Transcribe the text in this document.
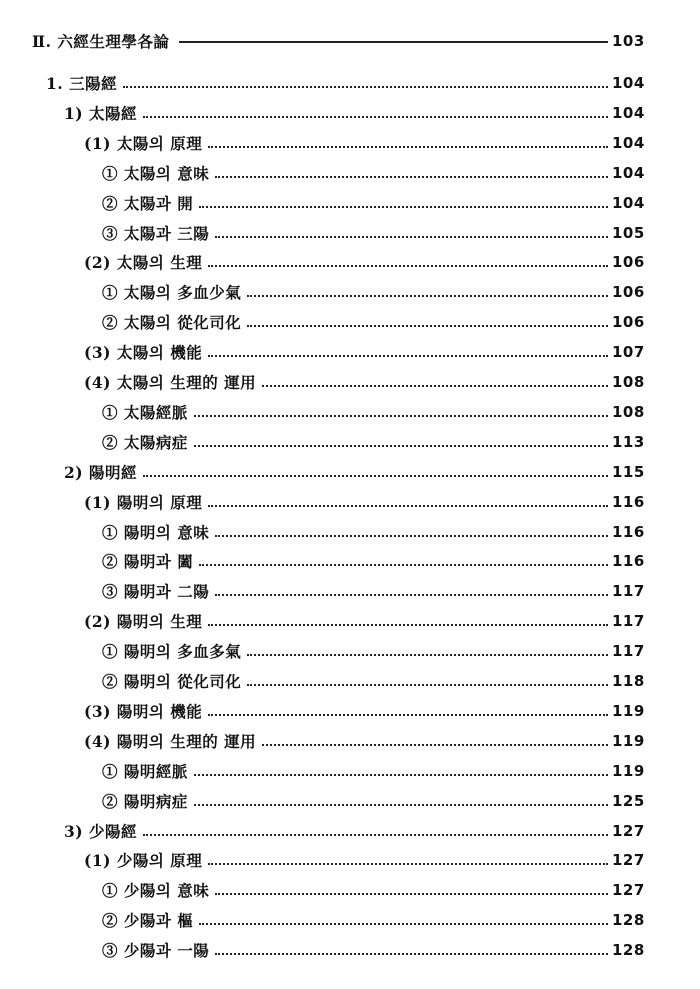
Ⅱ. 六經生理學各論	103
1. 三陽經	104
1) 太陽經	104
(1) 太陽의 原理	104
① 太陽의 意味	104
② 太陽과 開	104
③ 太陽과 三陽	105
(2) 太陽의 生理	106
① 太陽의 多血少氣	106
② 太陽의 從化司化	106
(3) 太陽의 機能	107
(4) 太陽의 生理的 運用	108
① 太陽經脈	108
② 太陽病症	113
2) 陽明經	115
(1) 陽明의 原理	116
① 陽明의 意味	116
② 陽明과 闔	116
③ 陽明과 二陽	117
(2) 陽明의 生理	117
① 陽明의 多血多氣	117
② 陽明의 從化司化	118
(3) 陽明의 機能	119
(4) 陽明의 生理的 運用	119
① 陽明經脈	119
② 陽明病症	125
3) 少陽經	127
(1) 少陽의 原理	127
① 少陽의 意味	127
② 少陽과 樞	128
③ 少陽과 一陽	128
